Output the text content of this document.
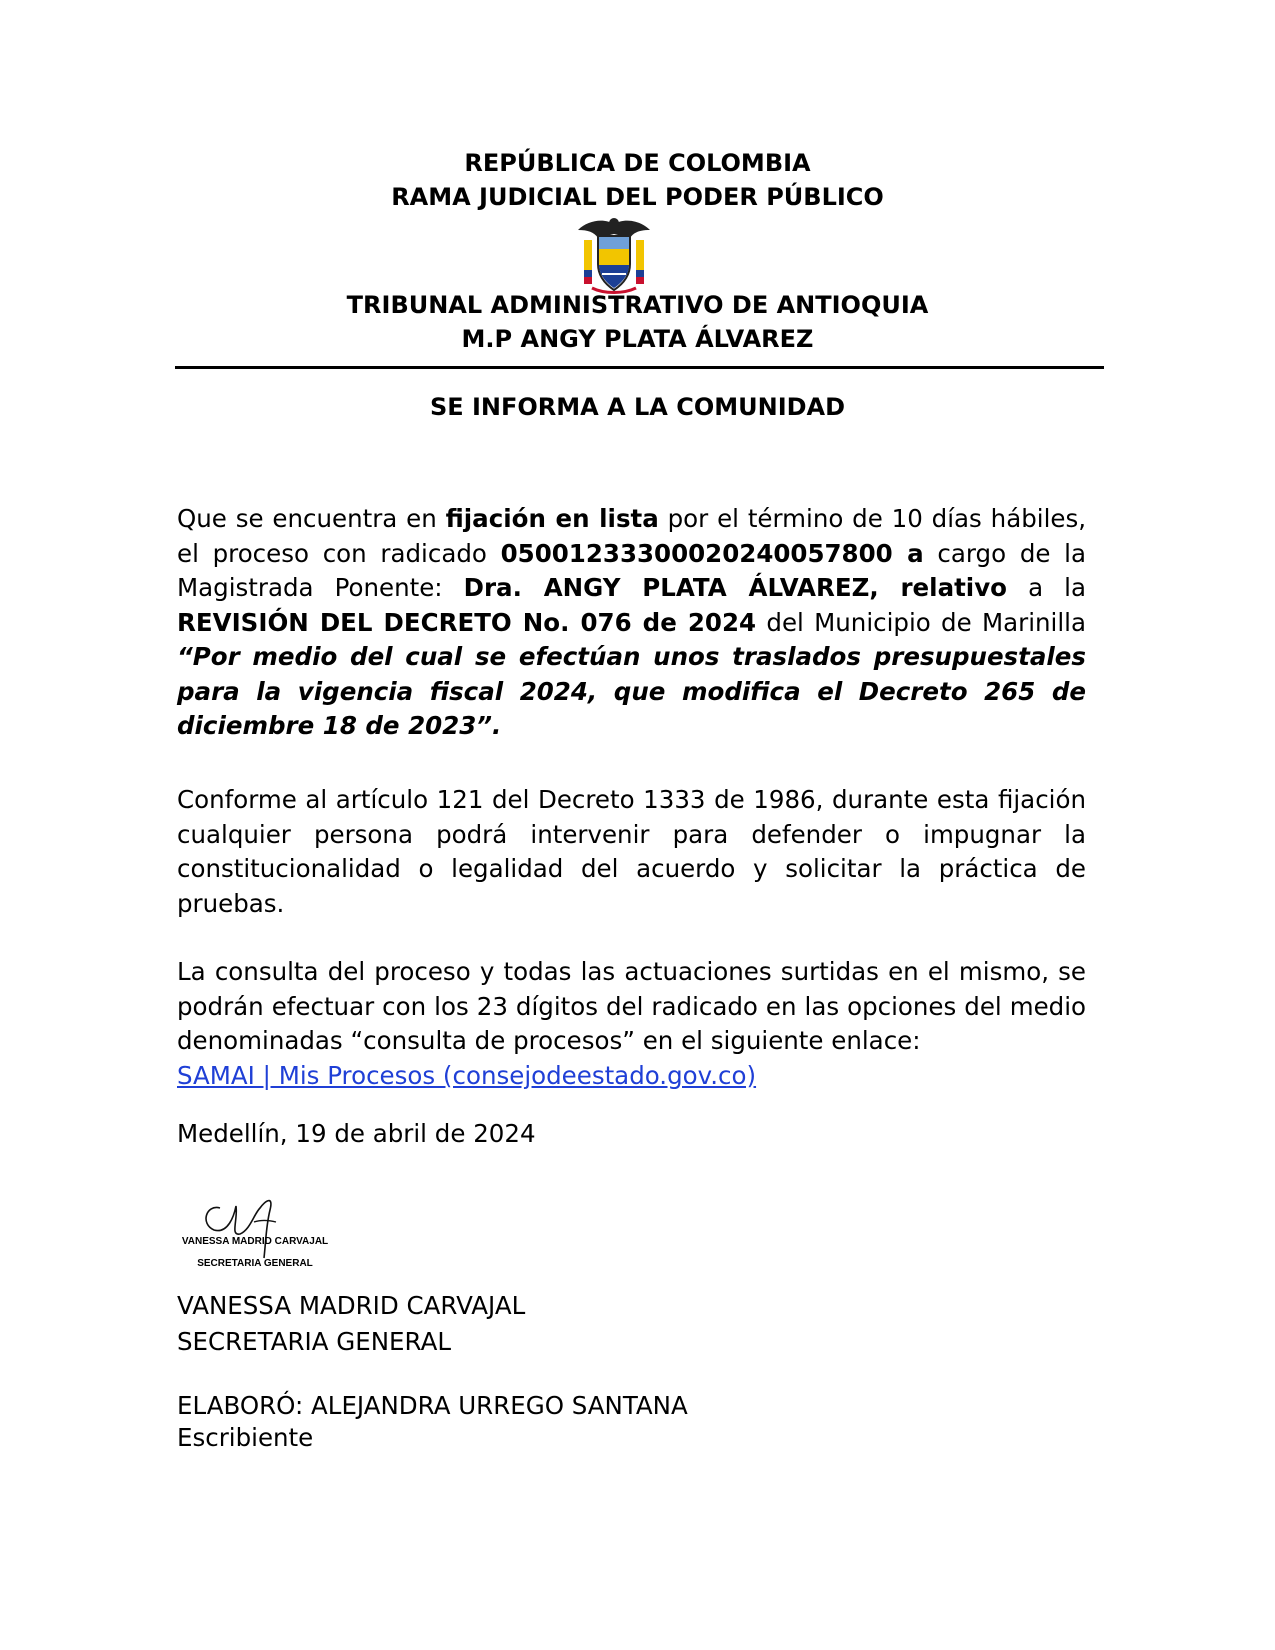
REPÚBLICA DE COLOMBIA
RAMA JUDICIAL DEL PODER PÚBLICO
TRIBUNAL ADMINISTRATIVO DE ANTIOQUIA
M.P ANGY PLATA ÁLVAREZ
SE INFORMA A LA COMUNIDAD
Que se encuentra en fijación en lista por el término de 10 días hábiles, el proceso con radicado 05001233300020240057800 a cargo de la Magistrada Ponente: Dra. ANGY PLATA ÁLVAREZ, relativo a la REVISIÓN DEL DECRETO No. 076 de 2024 del Municipio de Marinilla “Por medio del cual se efectúan unos traslados presupuestales para la vigencia fiscal 2024, que modifica el Decreto 265 de diciembre 18 de 2023”.
Conforme al artículo 121 del Decreto 1333 de 1986, durante esta fijación cualquier persona podrá intervenir para defender o impugnar la constitucionalidad o legalidad del acuerdo y solicitar la práctica de pruebas.
La consulta del proceso y todas las actuaciones surtidas en el mismo, se podrán efectuar con los 23 dígitos del radicado en las opciones del medio denominadas “consulta de procesos” en el siguiente enlace:
SAMAI | Mis Procesos (consejodeestado.gov.co)
Medellín, 19 de abril de 2024
VANESSA MADRID CARVAJAL
SECRETARIA GENERAL
VANESSA MADRID CARVAJAL
SECRETARIA GENERAL
ELABORÓ: ALEJANDRA URREGO SANTANA
Escribiente
